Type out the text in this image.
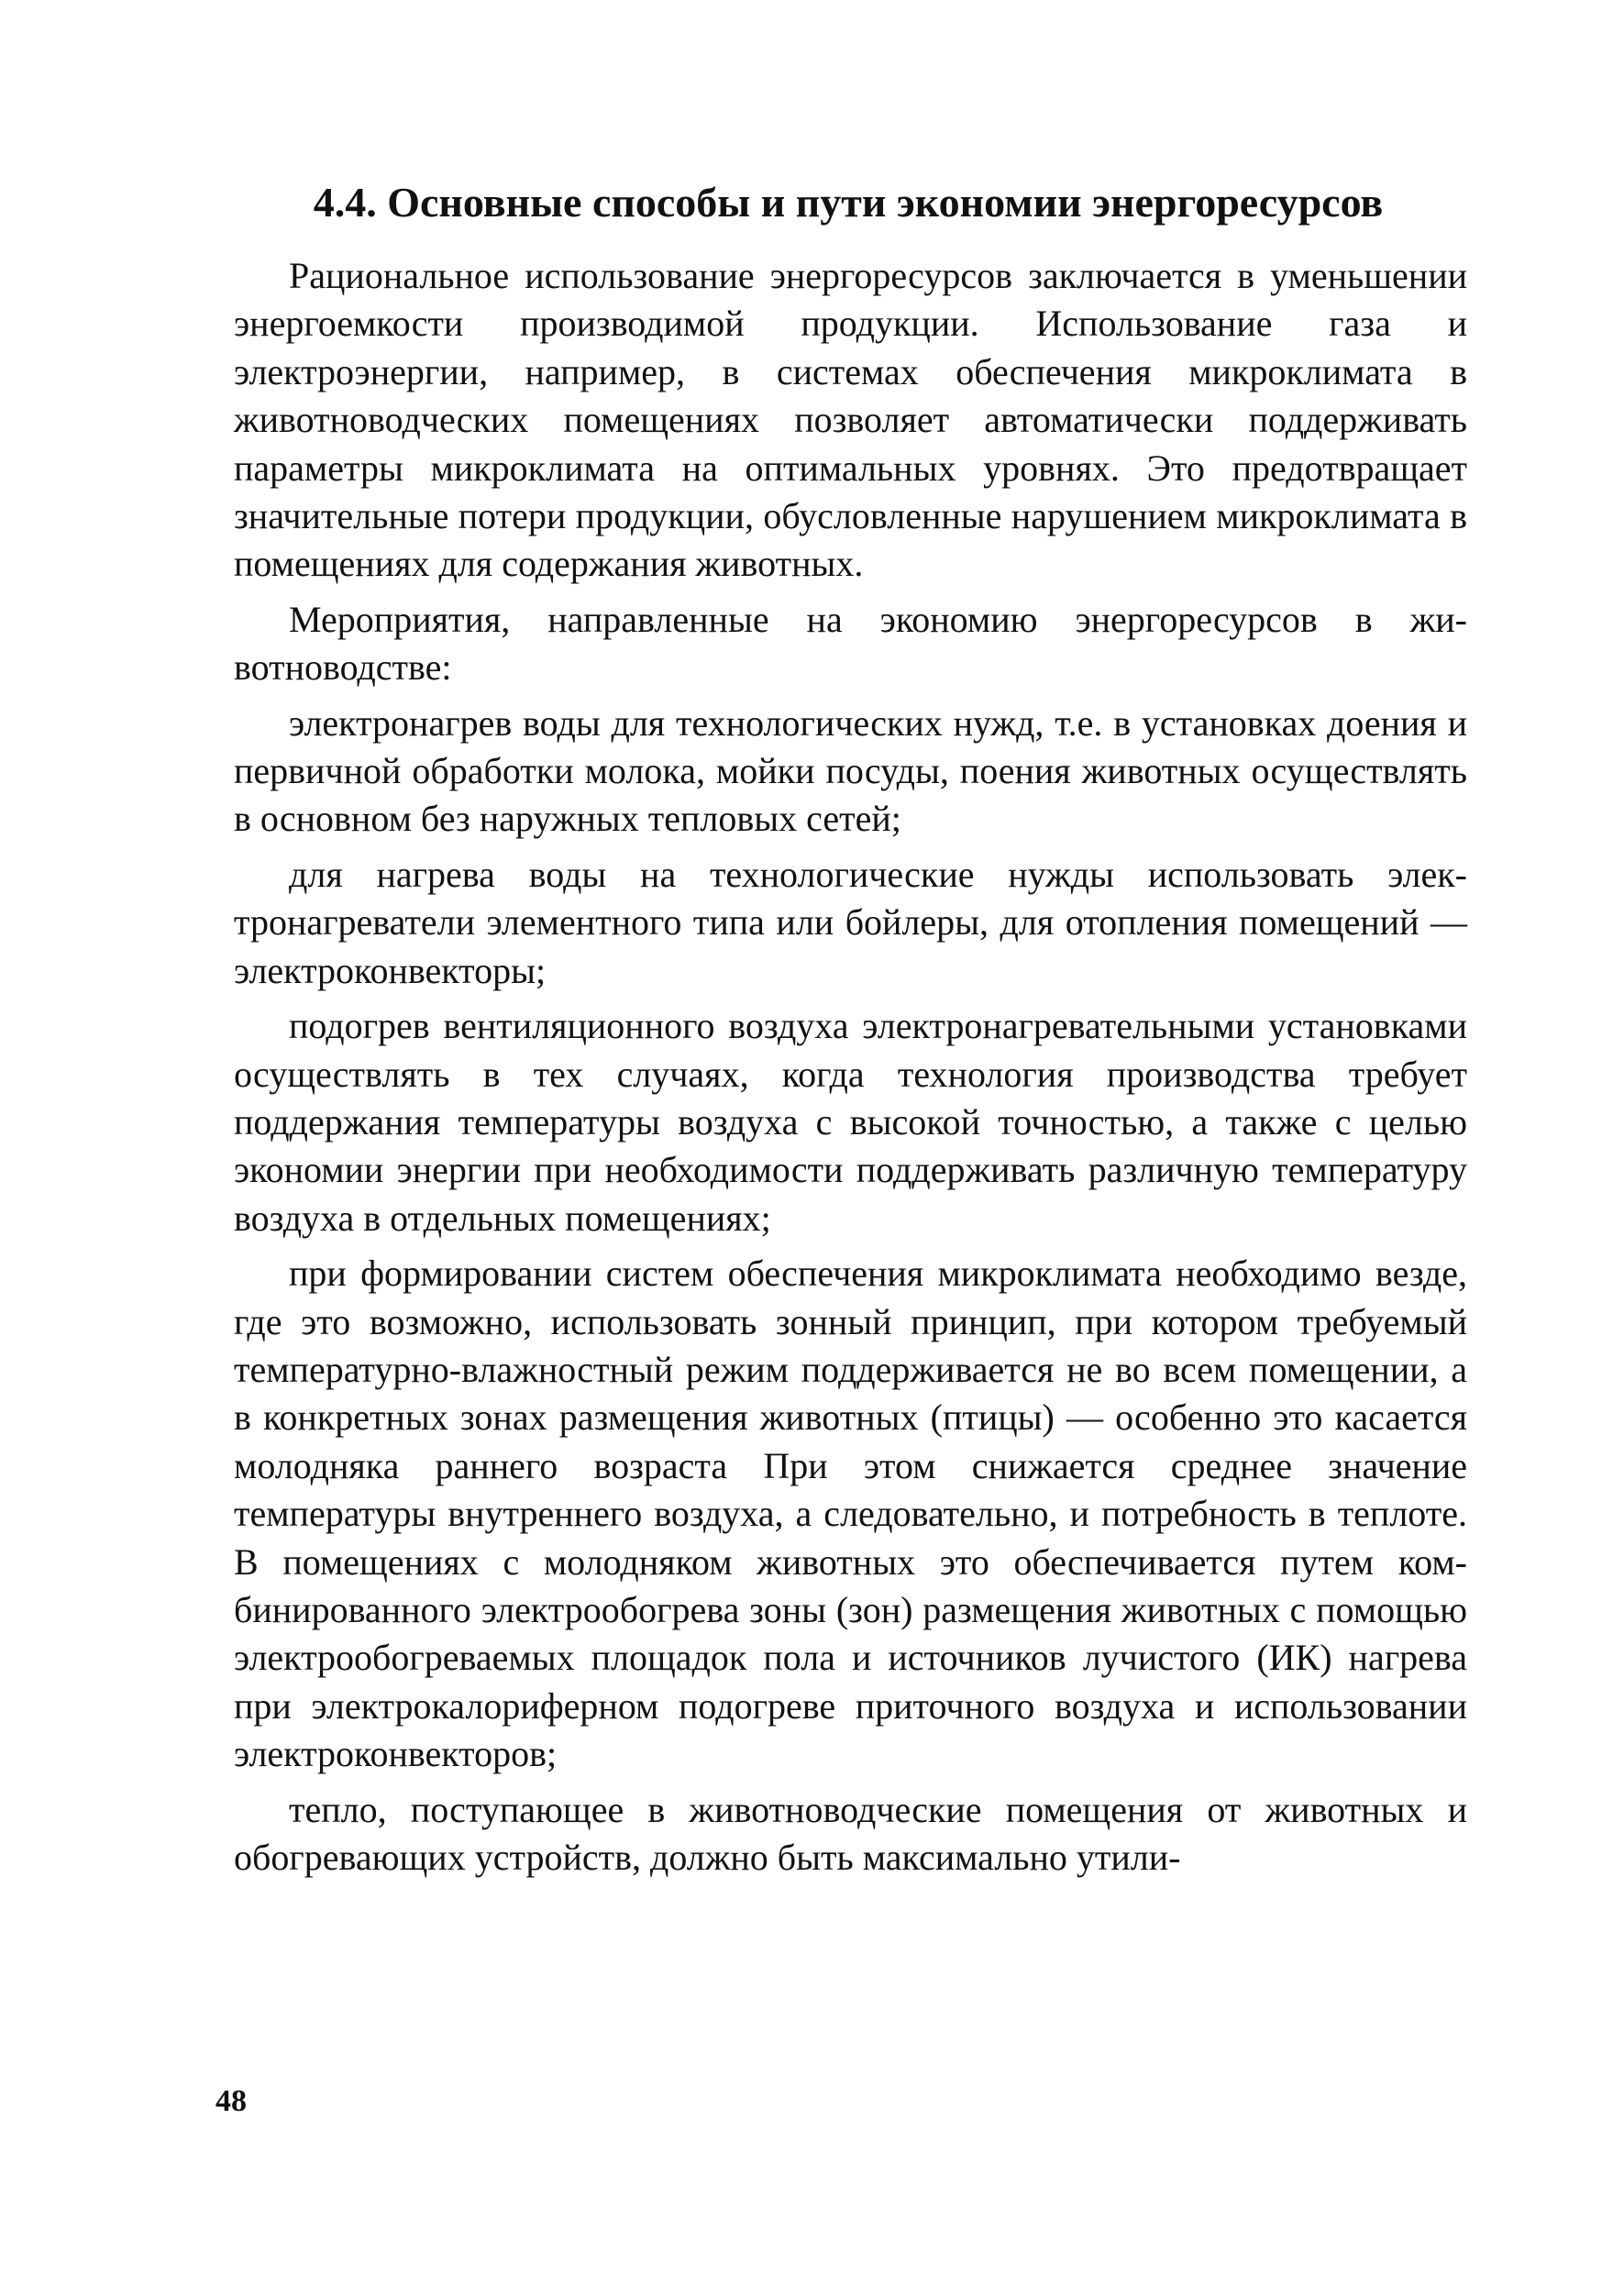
4.4. Основные способы и пути экономии энергоресурсов

Рациональное использование энергоресурсов заключается в уменьшении энергоемкости производимой продукции. Использование газа и электроэнергии, например, в системах обеспечения микроклимата в животноводческих помещениях позволяет автоматически поддерживать параметры микроклимата на оптимальных уровнях. Это предотвращает значительные потери продукции, обусловленные нарушением микроклимата в помещениях для содержания животных.

Мероприятия, направленные на экономию энергоресурсов в животноводстве:

электронагрев воды для технологических нужд, т.е. в установках доения и первичной обработки молока, мойки посуды, поения животных осуществлять в основном без наружных тепловых сетей;

для нагрева воды на технологические нужды использовать электронагреватели элементного типа или бойлеры, для отопления помещений — электроконвекторы;

подогрев вентиляционного воздуха электронагревательными установками осуществлять в тех случаях, когда технология производства требует поддержания температуры воздуха с высокой точностью, а также с целью экономии энергии при необходимости поддерживать различную температуру воздуха в отдельных помещениях;

при формировании систем обеспечения микроклимата необходимо везде, где это возможно, использовать зонный принцип, при котором требуемый температурно-влажностный режим поддерживается не во всем помещении, а в конкретных зонах размещения животных (птицы) — особенно это касается молодняка раннего возраста При этом снижается среднее значение температуры внутреннего воздуха, а следовательно, и потребность в теплоте. В помещениях с молодняком животных это обеспечивается путем комбинированного электрообогрева зоны (зон) размещения животных с помощью электрообогреваемых площадок пола и источников лучистого (ИК) нагрева при электрокалориферном подогреве приточного воздуха и использовании электроконвекторов;

тепло, поступающее в животноводческие помещения от животных и обогревающих устройств, должно быть максимально утили-

48
